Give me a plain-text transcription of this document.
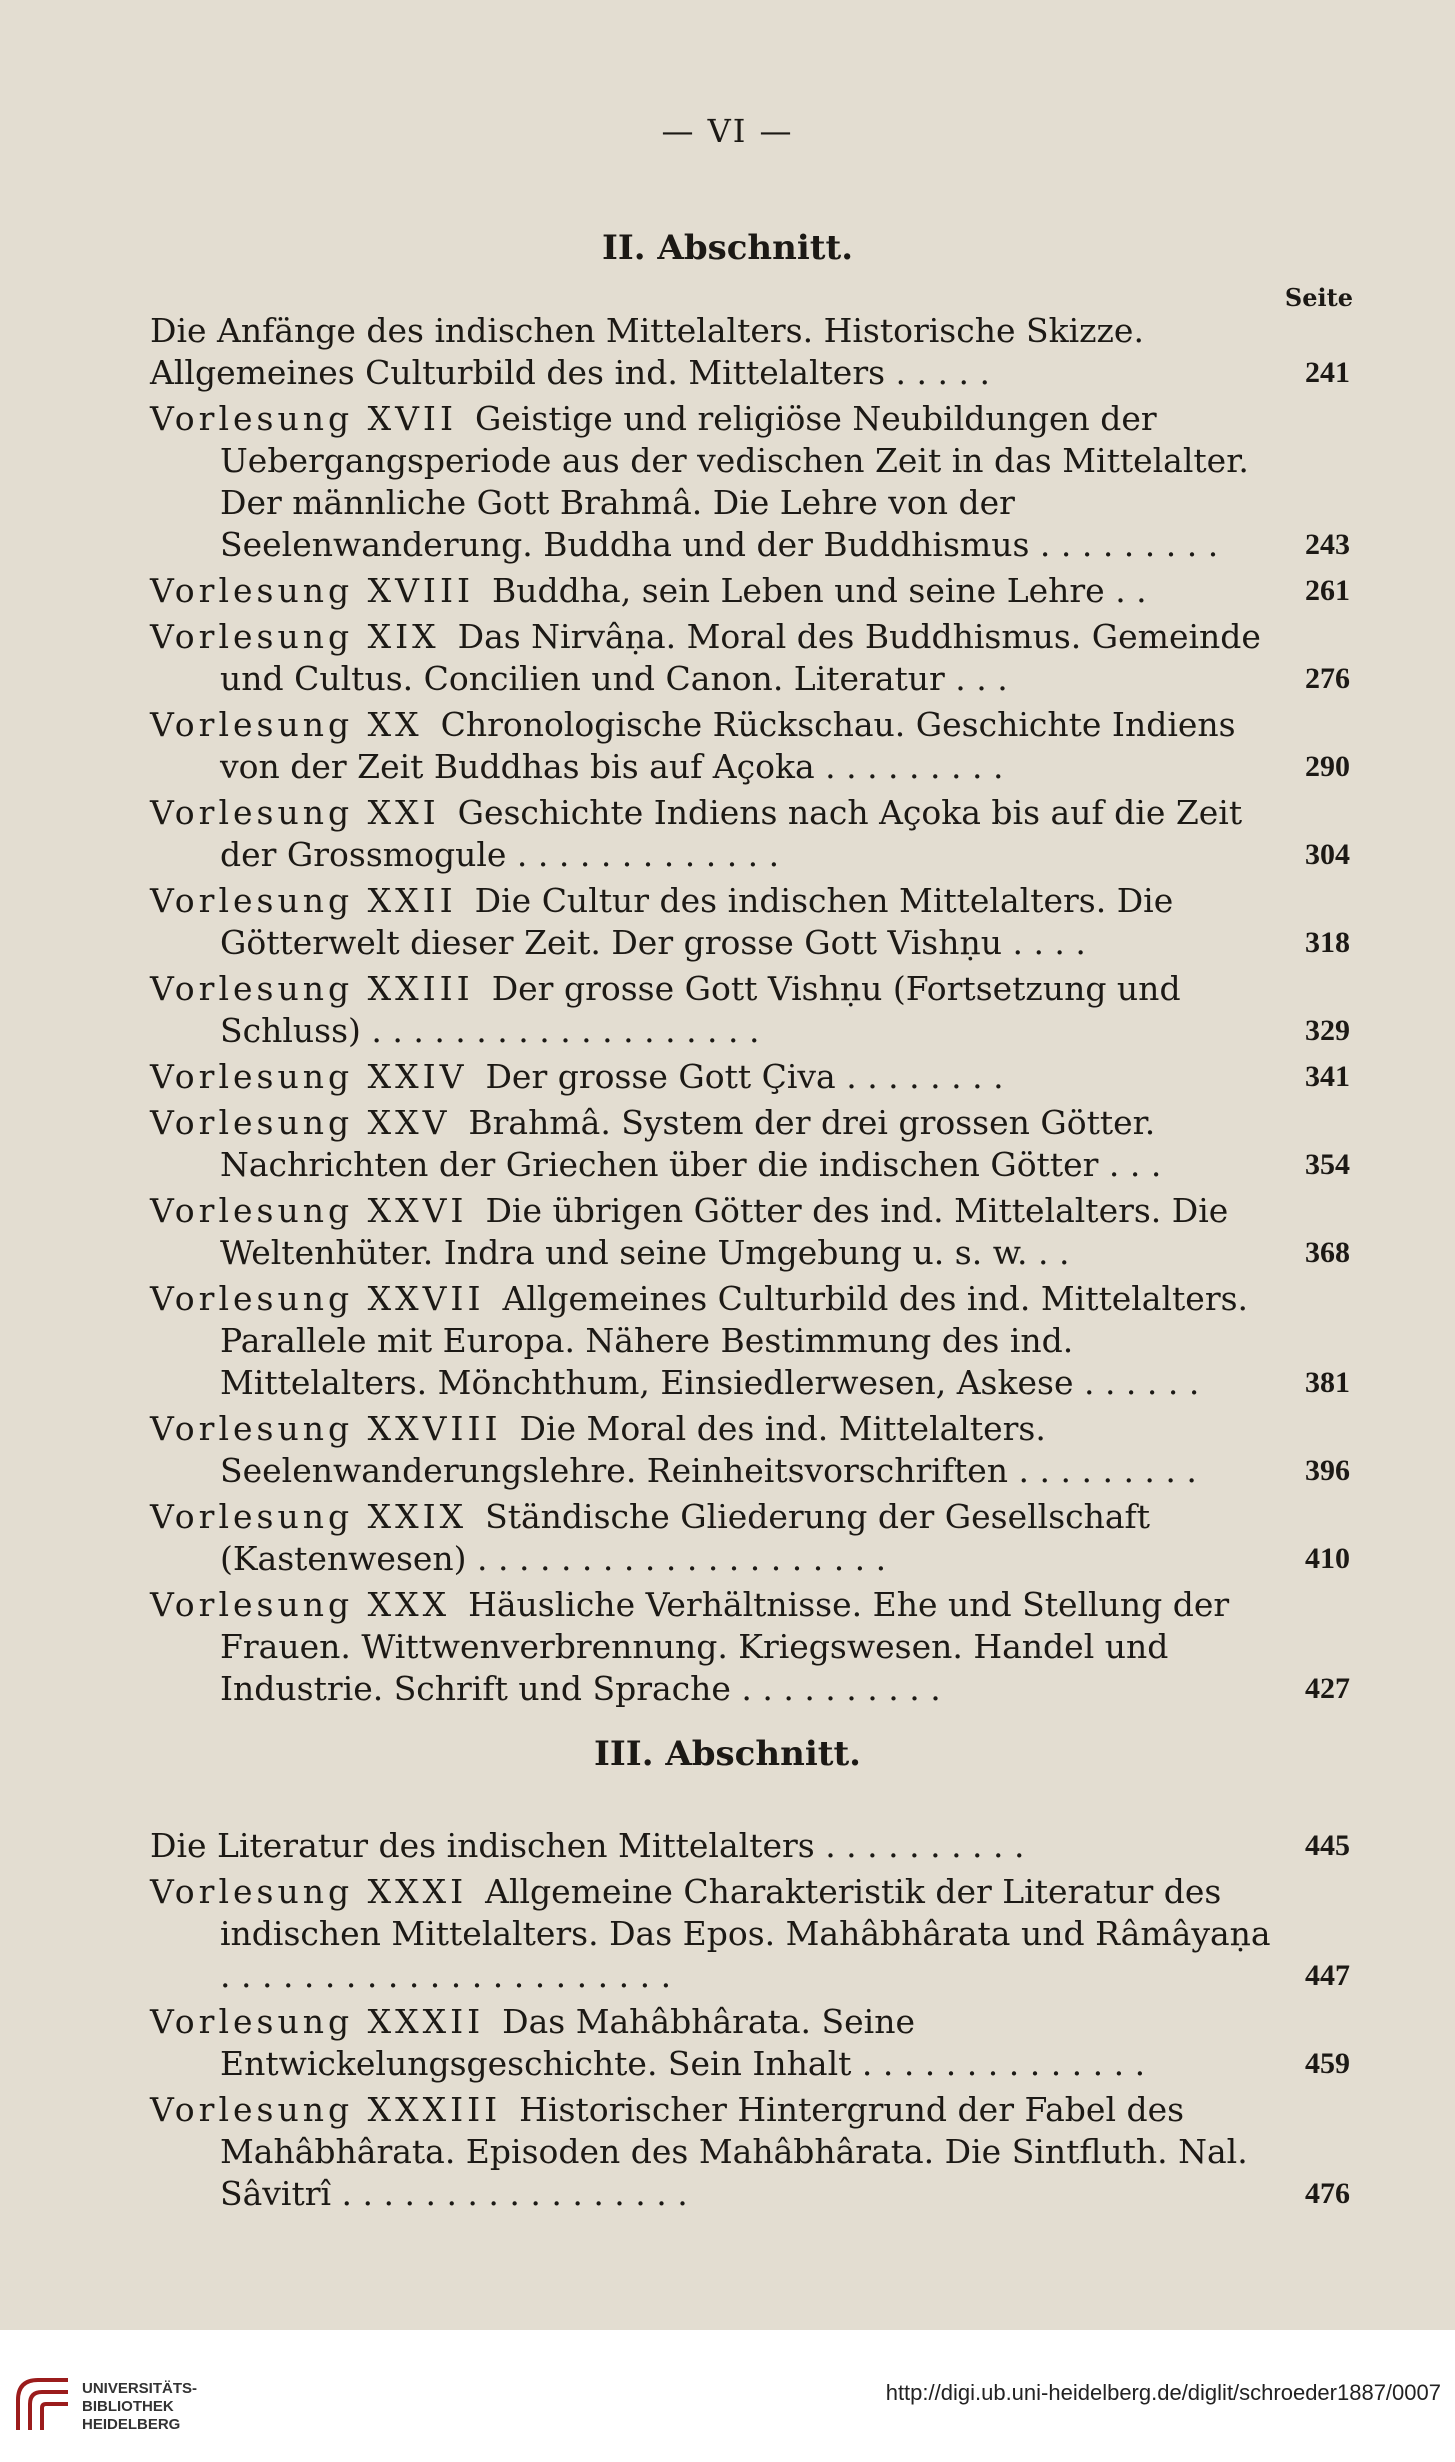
— VI —
II. Abschnitt.
Seite
Die Anfänge des indischen Mittelalters. Historische Skizze. Allgemeines Culturbild des ind. Mittelalters . . . . .	241
Vorlesung XVII Geistige und religiöse Neubildungen der Uebergangsperiode aus der vedischen Zeit in das Mittelalter. Der männliche Gott Brahmâ. Die Lehre von der Seelenwanderung. Buddha und der Buddhismus . . . . . . . . .	243
Vorlesung XVIII Buddha, sein Leben und seine Lehre . .	261
Vorlesung XIX Das Nirvâṇa. Moral des Buddhismus. Gemeinde und Cultus. Concilien und Canon. Literatur . . .	276
Vorlesung XX Chronologische Rückschau. Geschichte Indiens von der Zeit Buddhas bis auf Açoka . . . . . . . . .	290
Vorlesung XXI Geschichte Indiens nach Açoka bis auf die Zeit der Grossmogule . . . . . . . . . . . . .	304
Vorlesung XXII Die Cultur des indischen Mittelalters. Die Götterwelt dieser Zeit. Der grosse Gott Vishṇu . . . .	318
Vorlesung XXIII Der grosse Gott Vishṇu (Fortsetzung und Schluss) . . . . . . . . . . . . . . . . . . .	329
Vorlesung XXIV Der grosse Gott Çiva . . . . . . . .	341
Vorlesung XXV Brahmâ. System der drei grossen Götter. Nachrichten der Griechen über die indischen Götter . . .	354
Vorlesung XXVI Die übrigen Götter des ind. Mittelalters. Die Weltenhüter. Indra und seine Umgebung u. s. w. . .	368
Vorlesung XXVII Allgemeines Culturbild des ind. Mittelalters. Parallele mit Europa. Nähere Bestimmung des ind. Mittelalters. Mönchthum, Einsiedlerwesen, Askese . . . . . .	381
Vorlesung XXVIII Die Moral des ind. Mittelalters. Seelenwanderungslehre. Reinheitsvorschriften . . . . . . . . .	396
Vorlesung XXIX Ständische Gliederung der Gesellschaft (Kastenwesen) . . . . . . . . . . . . . . . . . . . .	410
Vorlesung XXX Häusliche Verhältnisse. Ehe und Stellung der Frauen. Wittwenverbrennung. Kriegswesen. Handel und Industrie. Schrift und Sprache . . . . . . . . . .	427
III. Abschnitt.
Die Literatur des indischen Mittelalters . . . . . . . . . .	445
Vorlesung XXXI Allgemeine Charakteristik der Literatur des indischen Mittelalters. Das Epos. Mahâbhârata und Râmâyaṇa . . . . . . . . . . . . . . . . . . . . . .	447
Vorlesung XXXII Das Mahâbhârata. Seine Entwickelungsgeschichte. Sein Inhalt . . . . . . . . . . . . . .	459
Vorlesung XXXIII Historischer Hintergrund der Fabel des Mahâbhârata. Episoden des Mahâbhârata. Die Sintfluth. Nal. Sâvitrî . . . . . . . . . . . . . . . . .	476
UNIVERSITÄTS-
BIBLIOTHEK
HEIDELBERG
http://digi.ub.uni-heidelberg.de/diglit/schroeder1887/0007
